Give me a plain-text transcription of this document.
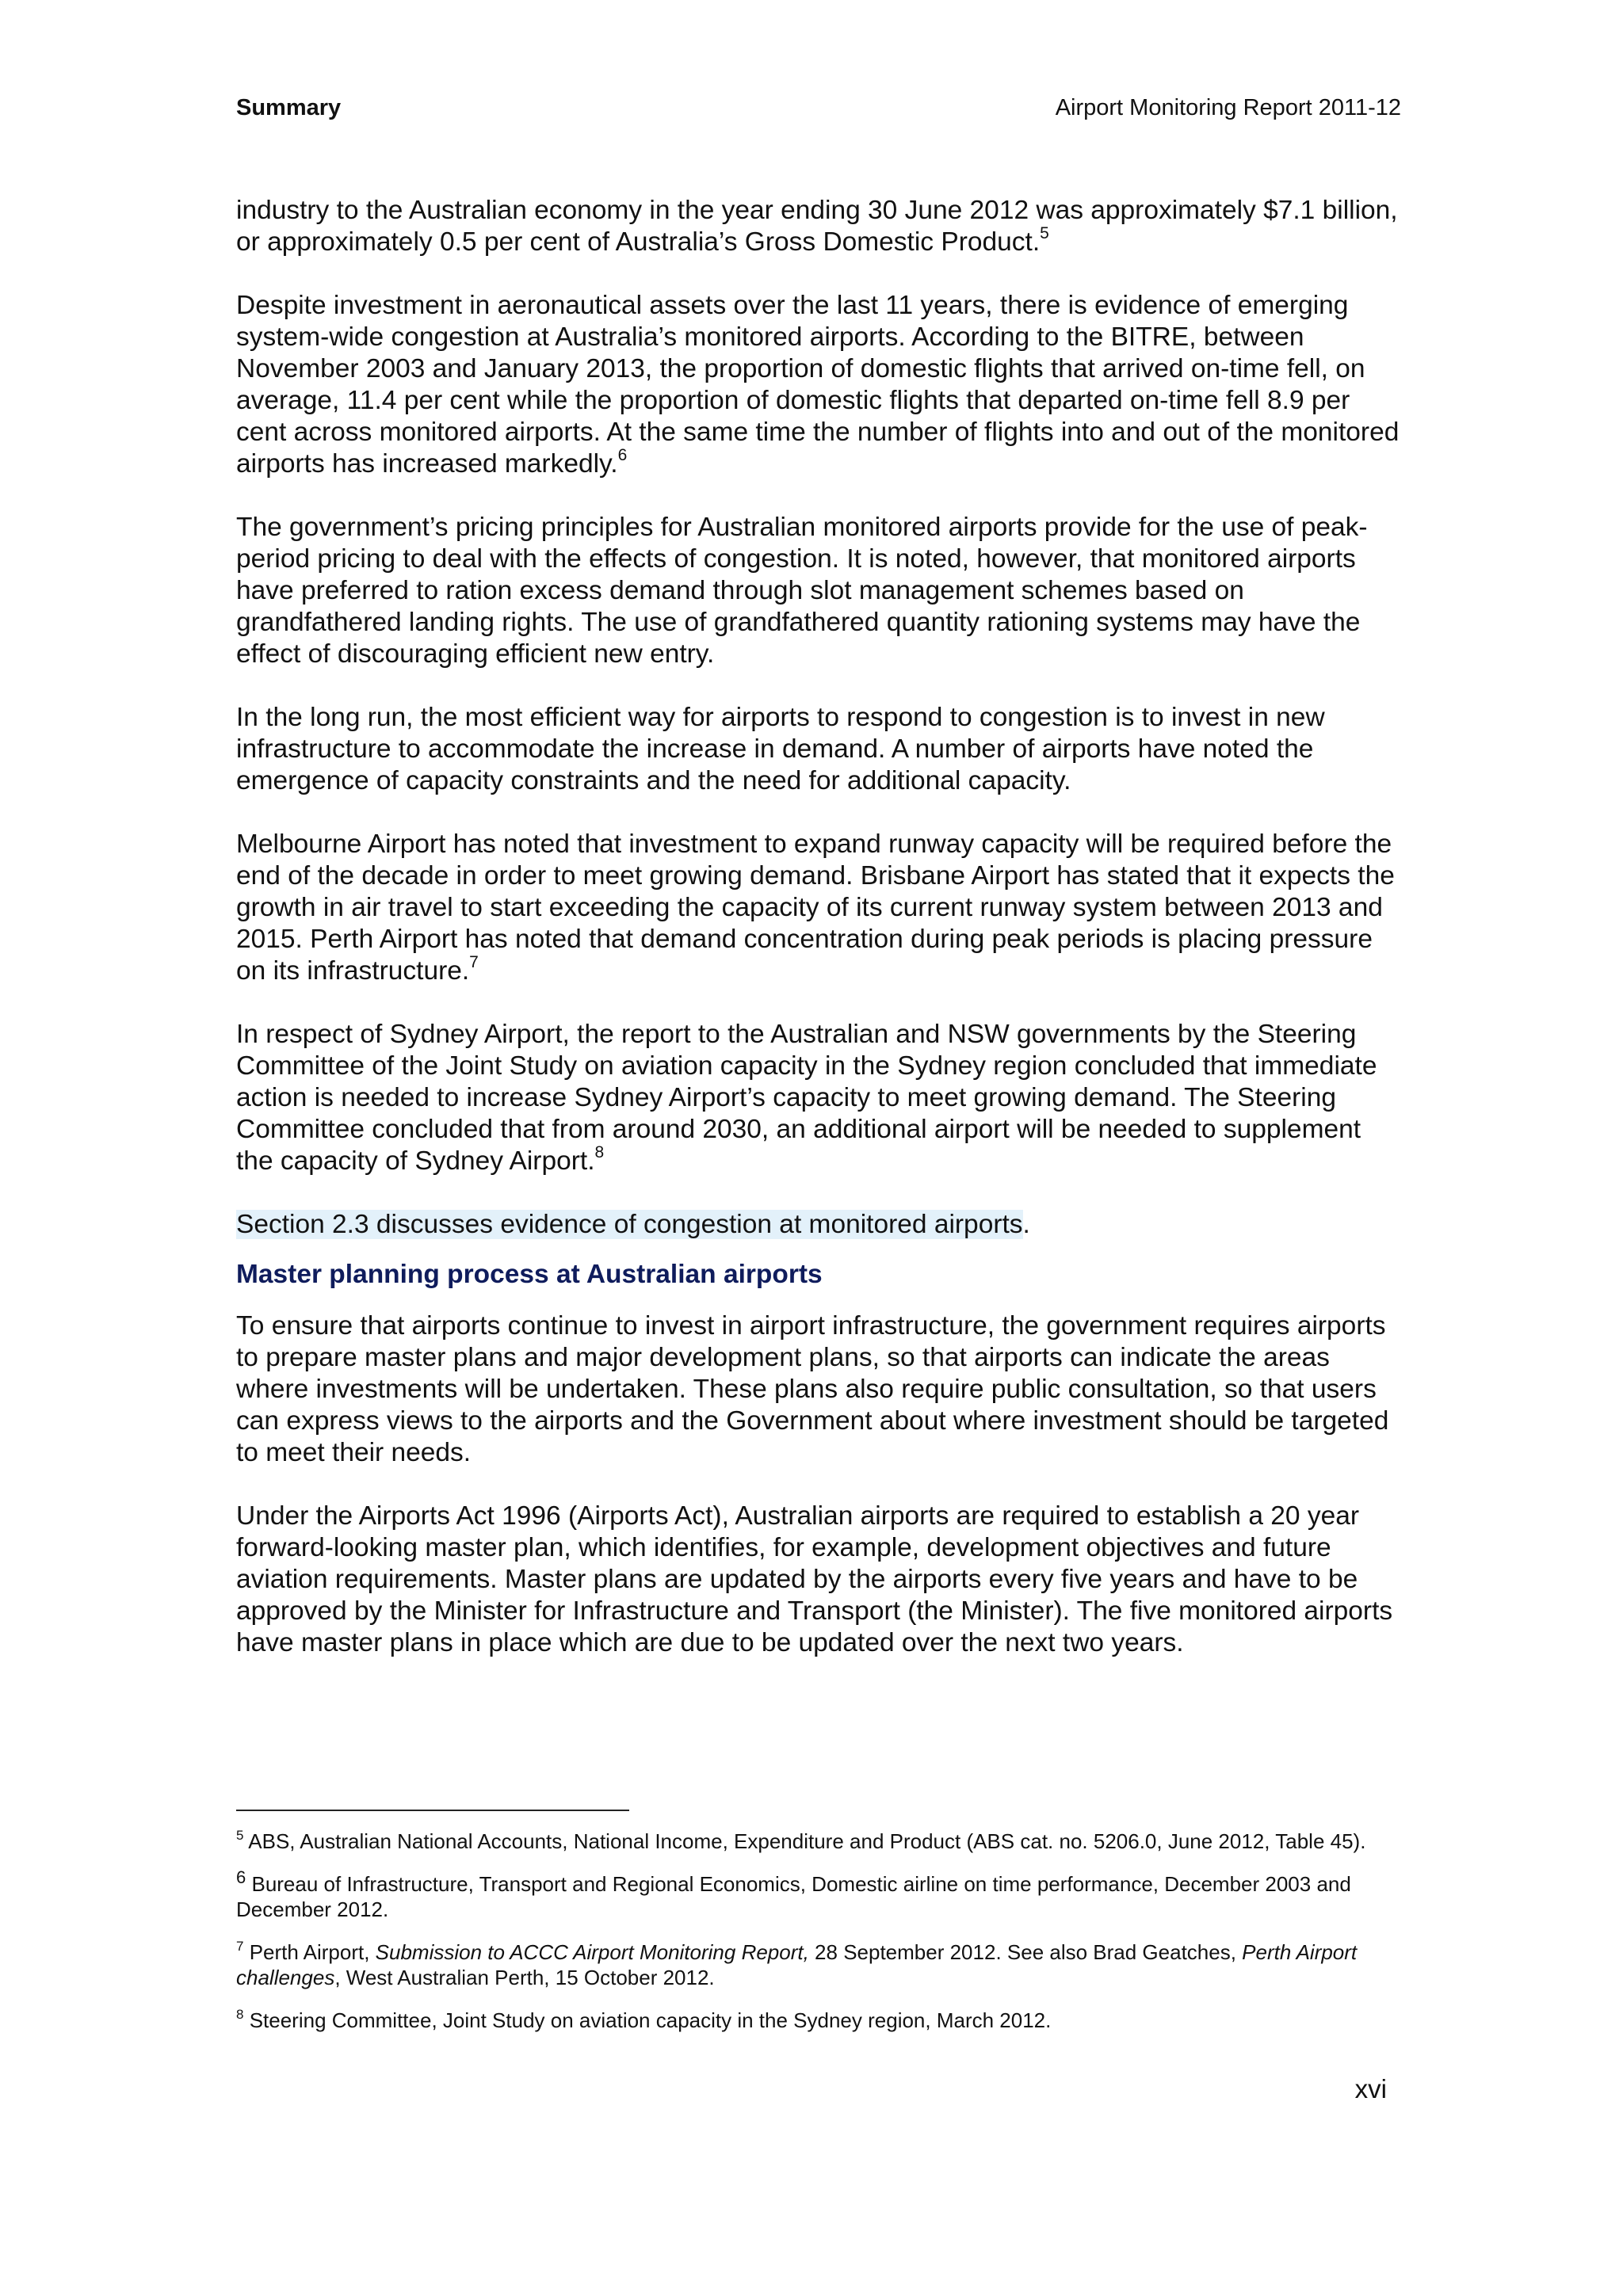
Summary	Airport Monitoring Report 2011-12

industry to the Australian economy in the year ending 30 June 2012 was approximately $7.1 billion, or approximately 0.5 per cent of Australia’s Gross Domestic Product.$^5$

Despite investment in aeronautical assets over the last 11 years, there is evidence of emerging system-wide congestion at Australia’s monitored airports. According to the BITRE, between November 2003 and January 2013, the proportion of domestic flights that arrived on-time fell, on average, 11.4 per cent while the proportion of domestic flights that departed on-time fell 8.9 per cent across monitored airports. At the same time the number of flights into and out of the monitored airports has increased markedly.$^6$

The government’s pricing principles for Australian monitored airports provide for the use of peak-period pricing to deal with the effects of congestion. It is noted, however, that monitored airports have preferred to ration excess demand through slot management schemes based on grandfathered landing rights. The use of grandfathered quantity rationing systems may have the effect of discouraging efficient new entry.

In the long run, the most efficient way for airports to respond to congestion is to invest in new infrastructure to accommodate the increase in demand. A number of airports have noted the emergence of capacity constraints and the need for additional capacity.

Melbourne Airport has noted that investment to expand runway capacity will be required before the end of the decade in order to meet growing demand. Brisbane Airport has stated that it expects the growth in air travel to start exceeding the capacity of its current runway system between 2013 and 2015. Perth Airport has noted that demand concentration during peak periods is placing pressure on its infrastructure.$^7$

In respect of Sydney Airport, the report to the Australian and NSW governments by the Steering Committee of the Joint Study on aviation capacity in the Sydney region concluded that immediate action is needed to increase Sydney Airport’s capacity to meet growing demand. The Steering Committee concluded that from around 2030, an additional airport will be needed to supplement the capacity of Sydney Airport.$^8$

Section 2.3 discusses evidence of congestion at monitored airports.

Master planning process at Australian airports

To ensure that airports continue to invest in airport infrastructure, the government requires airports to prepare master plans and major development plans, so that airports can indicate the areas where investments will be undertaken. These plans also require public consultation, so that users can express views to the airports and the Government about where investment should be targeted to meet their needs.

Under the Airports Act 1996 (Airports Act), Australian airports are required to establish a 20 year forward-looking master plan, which identifies, for example, development objectives and future aviation requirements. Master plans are updated by the airports every five years and have to be approved by the Minister for Infrastructure and Transport (the Minister). The five monitored airports have master plans in place which are due to be updated over the next two years.

$^5$ ABS, Australian National Accounts, National Income, Expenditure and Product (ABS cat. no. 5206.0, June 2012, Table 45).

$^6$ Bureau of Infrastructure, Transport and Regional Economics, Domestic airline on time performance, December 2003 and December 2012.

$^7$ Perth Airport, Submission to ACCC Airport Monitoring Report, 28 September 2012. See also Brad Geatches, Perth Airport challenges, West Australian Perth, 15 October 2012.

$^8$ Steering Committee, Joint Study on aviation capacity in the Sydney region, March 2012.

xvi
